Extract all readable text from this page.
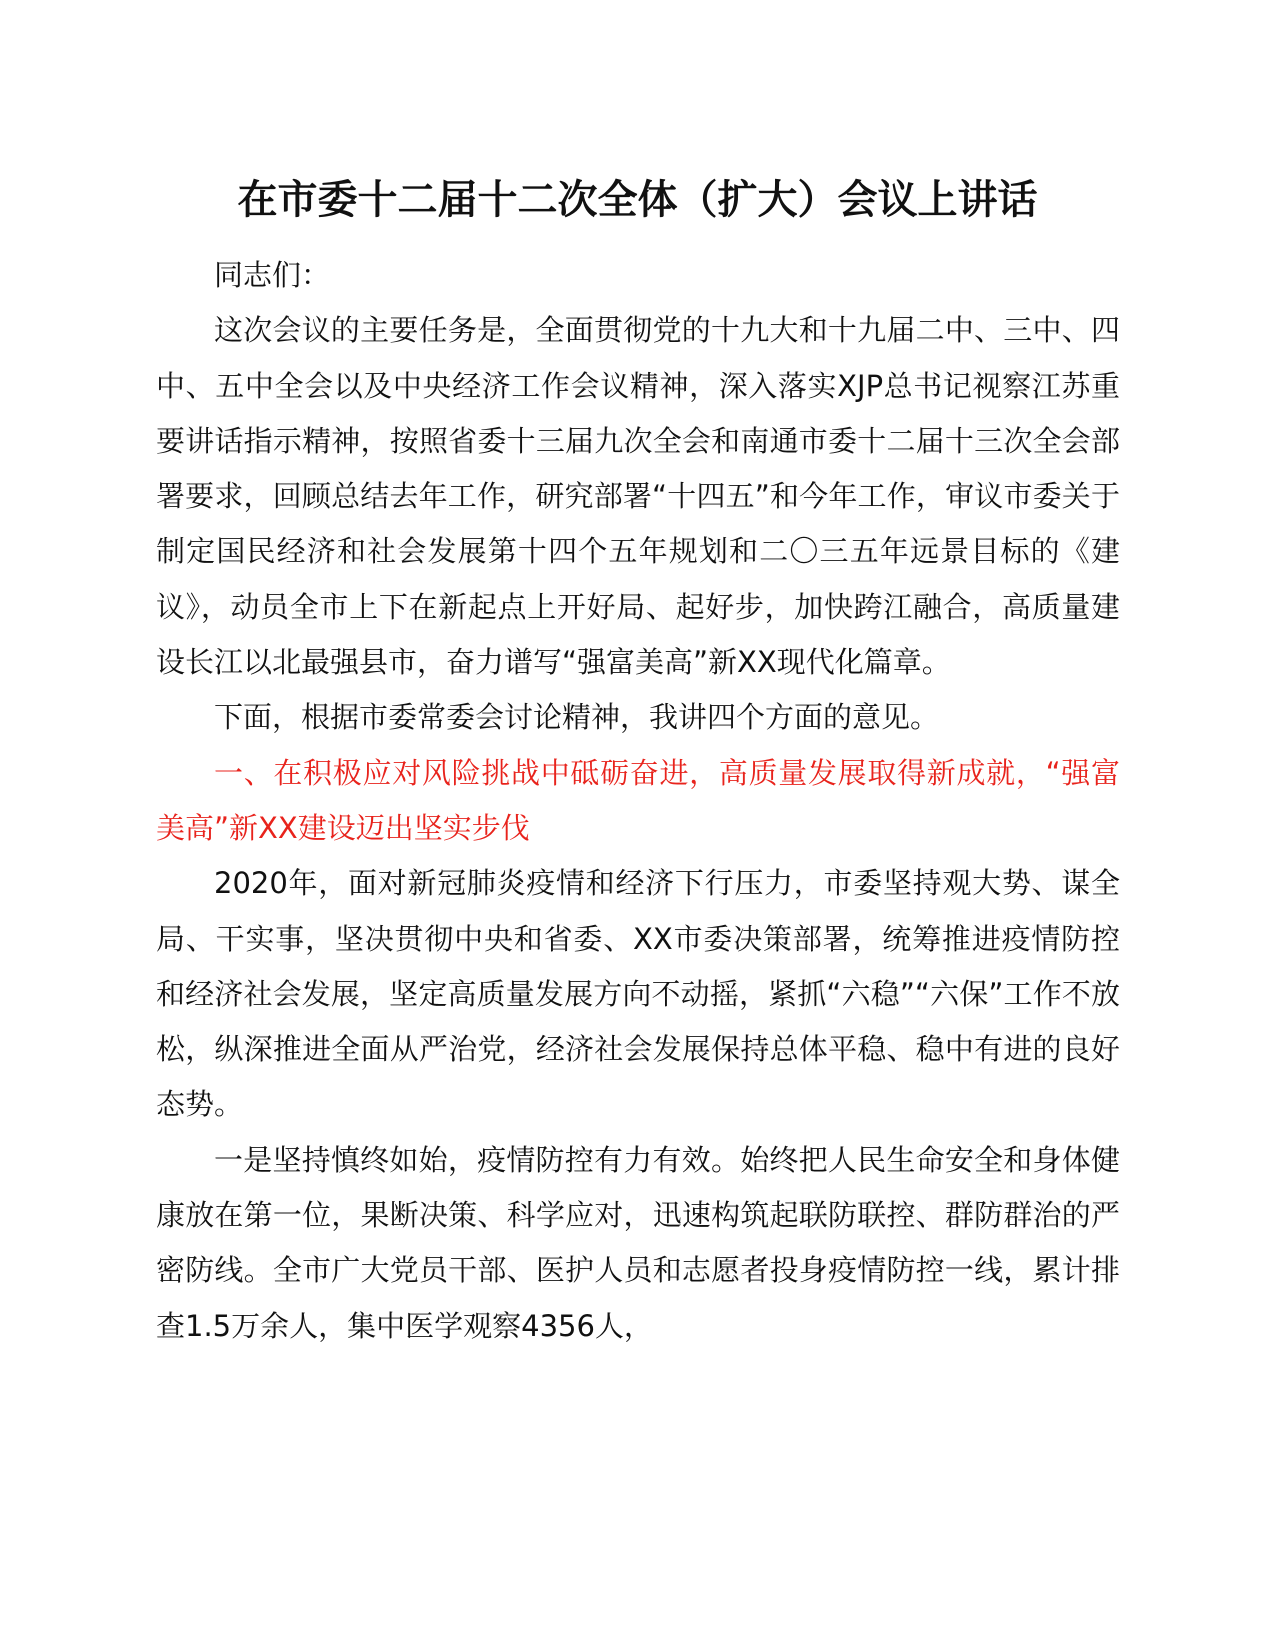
在市委十二届十二次全体（扩大）会议上讲话

同志们：

这次会议的主要任务是，全面贯彻党的十九大和十九届二中、三中、四中、五中全会以及中央经济工作会议精神，深入落实XJP总书记视察江苏重要讲话指示精神，按照省委十三届九次全会和南通市委十二届十三次全会部署要求，回顾总结去年工作，研究部署“十四五”和今年工作，审议市委关于制定国民经济和社会发展第十四个五年规划和二〇三五年远景目标的《建议》，动员全市上下在新起点上开好局、起好步，加快跨江融合，高质量建设长江以北最强县市，奋力谱写“强富美高”新XX现代化篇章。

下面，根据市委常委会讨论精神，我讲四个方面的意见。

一、在积极应对风险挑战中砥砺奋进，高质量发展取得新成就，“强富美高”新XX建设迈出坚实步伐

2020年，面对新冠肺炎疫情和经济下行压力，市委坚持观大势、谋全局、干实事，坚决贯彻中央和省委、XX市委决策部署，统筹推进疫情防控和经济社会发展，坚定高质量发展方向不动摇，紧抓“六稳”“六保”工作不放松，纵深推进全面从严治党，经济社会发展保持总体平稳、稳中有进的良好态势。

一是坚持慎终如始，疫情防控有力有效。始终把人民生命安全和身体健康放在第一位，果断决策、科学应对，迅速构筑起联防联控、群防群治的严密防线。全市广大党员干部、医护人员和志愿者投身疫情防控一线，累计排查1.5万余人，集中医学观察4356人，
